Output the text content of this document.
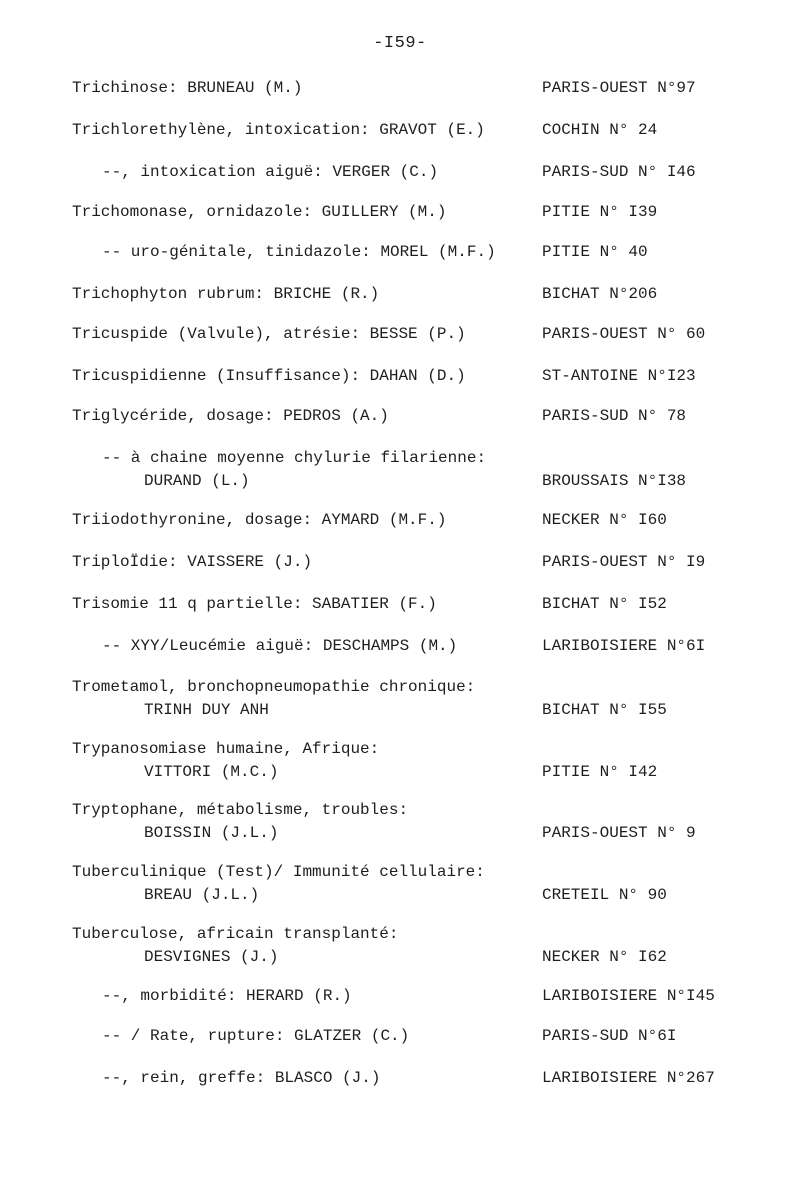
-I59-
Trichinose: BRUNEAU (M.)	PARIS-OUEST N°97
Trichlorethylène, intoxication: GRAVOT (E.)	COCHIN N° 24
--, intoxication aiguë: VERGER (C.)	PARIS-SUD N° I46
Trichomonase, ornidazole: GUILLERY (M.)	PITIE N° I39
-- uro-génitale, tinidazole: MOREL (M.F.)	PITIE N° 40
Trichophyton rubrum: BRICHE (R.)	BICHAT N°206
Tricuspide (Valvule), atrésie: BESSE (P.)	PARIS-OUEST N° 60
Tricuspidienne (Insuffisance): DAHAN (D.)	ST-ANTOINE N°I23
Triglycéride, dosage: PEDROS (A.)	PARIS-SUD N° 78
-- à chaine moyenne chylurie filarienne:
DURAND (L.)	BROUSSAIS N°I38
Triiodothyronine, dosage: AYMARD (M.F.)	NECKER N° I60
TriploÏdie: VAISSERE (J.)	PARIS-OUEST N° I9
Trisomie 11 q partielle: SABATIER (F.)	BICHAT N° I52
-- XYY/Leucémie aiguë: DESCHAMPS (M.)	LARIBOISIERE N°6I
Trometamol, bronchopneumopathie chronique:
TRINH DUY ANH	BICHAT N° I55
Trypanosomiase humaine, Afrique:
VITTORI (M.C.)	PITIE N° I42
Tryptophane, métabolisme, troubles:
BOISSIN (J.L.)	PARIS-OUEST N° 9
Tuberculinique (Test)/ Immunité cellulaire:
BREAU (J.L.)	CRETEIL N° 90
Tuberculose, africain transplanté:
DESVIGNES (J.)	NECKER N° I62
--, morbidité: HERARD (R.)	LARIBOISIERE N°I45
-- / Rate, rupture: GLATZER (C.)	PARIS-SUD N°6I
--, rein, greffe: BLASCO (J.)	LARIBOISIERE N°267
